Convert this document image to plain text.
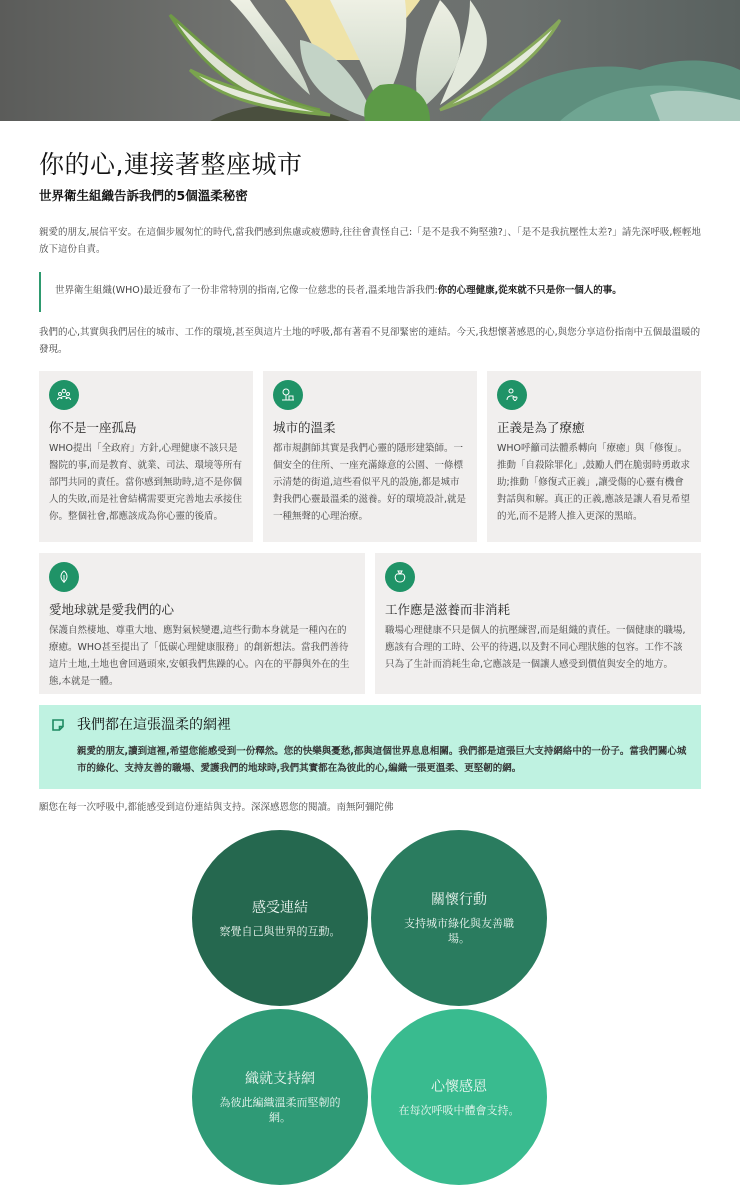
你的心,連接著整座城市
世界衛生組織告訴我們的5個溫柔秘密

親愛的朋友,展信平安。在這個步履匆忙的時代,當我們感到焦慮或疲憊時,往往會責怪自己:「是不是我不夠堅強?」、「是不是我抗壓性太差?」請先深呼吸,輕輕地放下這份自責。

世界衛生組織(WHO)最近發布了一份非常特別的指南,它像一位慈悲的長者,溫柔地告訴我們:你的心理健康,從來就不只是你一個人的事。

我們的心,其實與我們居住的城市、工作的環境,甚至與這片土地的呼吸,都有著看不見卻緊密的連結。今天,我想懷著感恩的心,與您分享這份指南中五個最溫暖的發現。

你不是一座孤島
WHO提出「全政府」方針,心理健康不該只是醫院的事,而是教育、就業、司法、環境等所有部門共同的責任。當你感到無助時,這不是你個人的失敗,而是社會結構需要更完善地去承接住你。整個社會,都應該成為你心靈的後盾。
城市的溫柔
都市規劃師其實是我們心靈的隱形建築師。一個安全的住所、一座充滿綠意的公園、一條標示清楚的街道,這些看似平凡的設施,都是城市對我們心靈最溫柔的滋養。好的環境設計,就是一種無聲的心理治療。
正義是為了療癒
WHO呼籲司法體系轉向「療癒」與「修復」。推動「自殺除罪化」,鼓勵人們在脆弱時勇敢求助;推動「修復式正義」,讓受傷的心靈有機會對話與和解。真正的正義,應該是讓人看見希望的光,而不是將人推入更深的黑暗。
愛地球就是愛我們的心
保護自然棲地、尊重大地、應對氣候變遷,這些行動本身就是一種內在的療癒。WHO甚至提出了「低碳心理健康服務」的創新想法。當我們善待這片土地,土地也會回過頭來,安頓我們焦躁的心。內在的平靜與外在的生態,本就是一體。
工作應是滋養而非消耗
職場心理健康不只是個人的抗壓練習,而是組織的責任。一個健康的職場,應該有合理的工時、公平的待遇,以及對不同心理狀態的包容。工作不該只為了生計而消耗生命,它應該是一個讓人感受到價值與安全的地方。
我們都在這張溫柔的網裡
親愛的朋友,讀到這裡,希望您能感受到一份釋然。您的快樂與憂愁,都與這個世界息息相關。我們都是這張巨大支持網絡中的一份子。當我們關心城市的綠化、支持友善的職場、愛護我們的地球時,我們其實都在為彼此的心,編織一張更溫柔、更堅韌的網。

願您在每一次呼吸中,都能感受到這份連結與支持。深深感恩您的閱讀。南無阿彌陀佛

感受連結
察覺自己與世界的互動。
關懷行動
支持城市綠化與友善職場。
織就支持網
為彼此編織溫柔而堅韌的網。
心懷感恩
在每次呼吸中體會支持。
